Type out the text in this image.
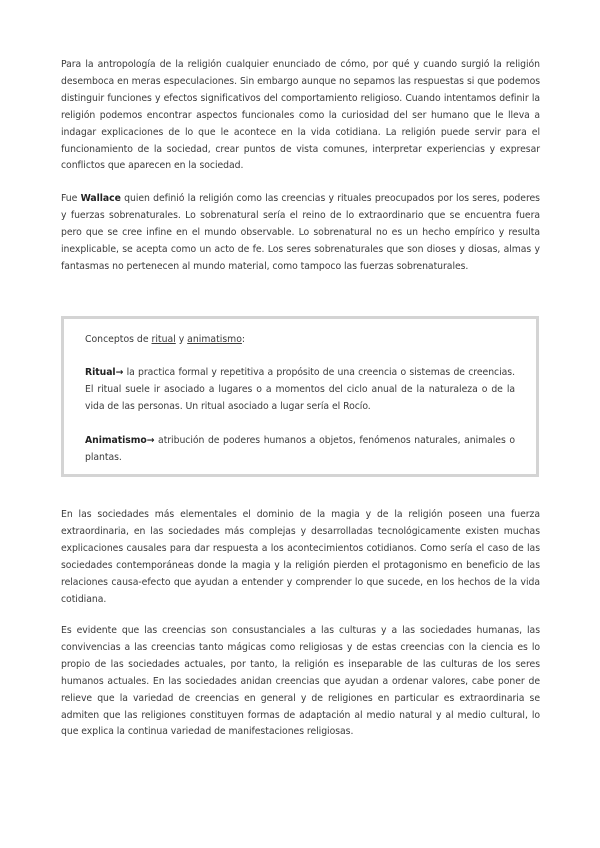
Para la antropología de la religión cualquier enunciado de cómo, por qué y cuando surgió la religión desemboca en meras especulaciones. Sin embargo aunque no sepamos las respuestas si que podemos distinguir funciones y efectos significativos del comportamiento religioso. Cuando intentamos definir la religión podemos encontrar aspectos funcionales como la curiosidad del ser humano que le lleva a indagar explicaciones de lo que le acontece en la vida cotidiana. La religión puede servir para el funcionamiento de la sociedad, crear puntos de vista comunes, interpretar experiencias y expresar conflictos que aparecen en la sociedad.

Fue Wallace quien definió la religión como las creencias y rituales preocupados por los seres, poderes y fuerzas sobrenaturales. Lo sobrenatural sería el reino de lo extraordinario que se encuentra fuera pero que se cree infine en el mundo observable. Lo sobrenatural no es un hecho empírico y resulta inexplicable, se acepta como un acto de fe. Los seres sobrenaturales que son dioses y diosas, almas y fantasmas no pertenecen al mundo material, como tampoco las fuerzas sobrenaturales.

Conceptos de ritual y animatismo:

Ritual→ la practica formal y repetitiva a propósito de una creencia o sistemas de creencias. El ritual suele ir asociado a lugares o a momentos del ciclo anual de la naturaleza o de la vida de las personas. Un ritual asociado a lugar sería el Rocío.

Animatismo→ atribución de poderes humanos a objetos, fenómenos naturales, animales o plantas.

En las sociedades más elementales el dominio de la magia y de la religión poseen una fuerza extraordinaria, en las sociedades más complejas y desarrolladas tecnológicamente existen muchas explicaciones causales para dar respuesta a los acontecimientos cotidianos. Como sería el caso de las sociedades contemporáneas donde la magia y la religión pierden el protagonismo en beneficio de las relaciones causa-efecto que ayudan a entender y comprender lo que sucede, en los hechos de la vida cotidiana.

Es evidente que las creencias son consustanciales a las culturas y a las sociedades humanas, las convivencias a las creencias tanto mágicas como religiosas y de estas creencias con la ciencia es lo propio de las sociedades actuales, por tanto, la religión es inseparable de las culturas de los seres humanos actuales. En las sociedades anidan creencias que ayudan a ordenar valores, cabe poner de relieve que la variedad de creencias en general y de religiones en particular es extraordinaria se admiten que las religiones constituyen formas de adaptación al medio natural y al medio cultural, lo que explica la continua variedad de manifestaciones religiosas.
